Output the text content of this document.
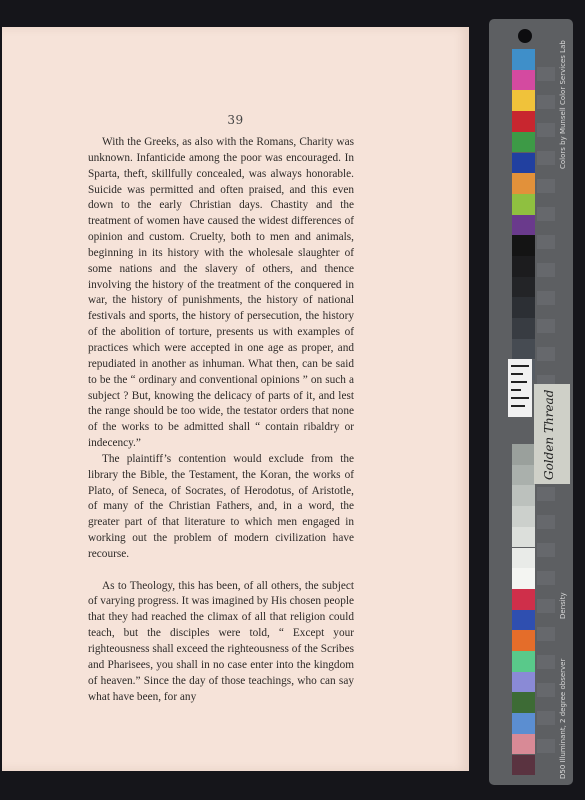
39

With the Greeks, as also with the Romans, Charity was unknown. Infanticide among the poor was encouraged. In Sparta, theft, skillfully concealed, was always honorable. Suicide was permitted and often praised, and this even down to the early Christian days. Chastity and the treatment of women have caused the widest differences of opinion and custom. Cruelty, both to men and animals, beginning in its history with the wholesale slaughter of some nations and the slavery of others, and thence involving the history of the treatment of the conquered in war, the history of punishments, the history of national festivals and sports, the history of persecution, the history of the abolition of torture, presents us with examples of practices which were accepted in one age as proper, and repudiated in another as inhuman. What then, can be said to be the “ ordinary and conventional opinions ” on such a subject ? But, knowing the delicacy of parts of it, and lest the range should be too wide, the testator orders that none of the works to be admitted shall “ contain ribaldry or indecency.”

The plaintiff’s contention would exclude from the library the Bible, the Testament, the Koran, the works of Plato, of Seneca, of Socrates, of Herodotus, of Aristotle, of many of the Christian Fathers, and, in a word, the greater part of that literature to which men engaged in working out the problem of modern civilization have recourse.

As to Theology, this has been, of all others, the subject of varying progress. It was imagined by His chosen people that they had reached the climax of all that religion could teach, but the disciples were told, “ Except your righteousness shall exceed the righteousness of the Scribes and Pharisees, you shall in no case enter into the kingdom of heaven.” Since the day of those teachings, who can say what have been, for any

Golden Thread
Colors by Munsell Color Services Lab
D50 Illuminant, 2 degree observer
Density
